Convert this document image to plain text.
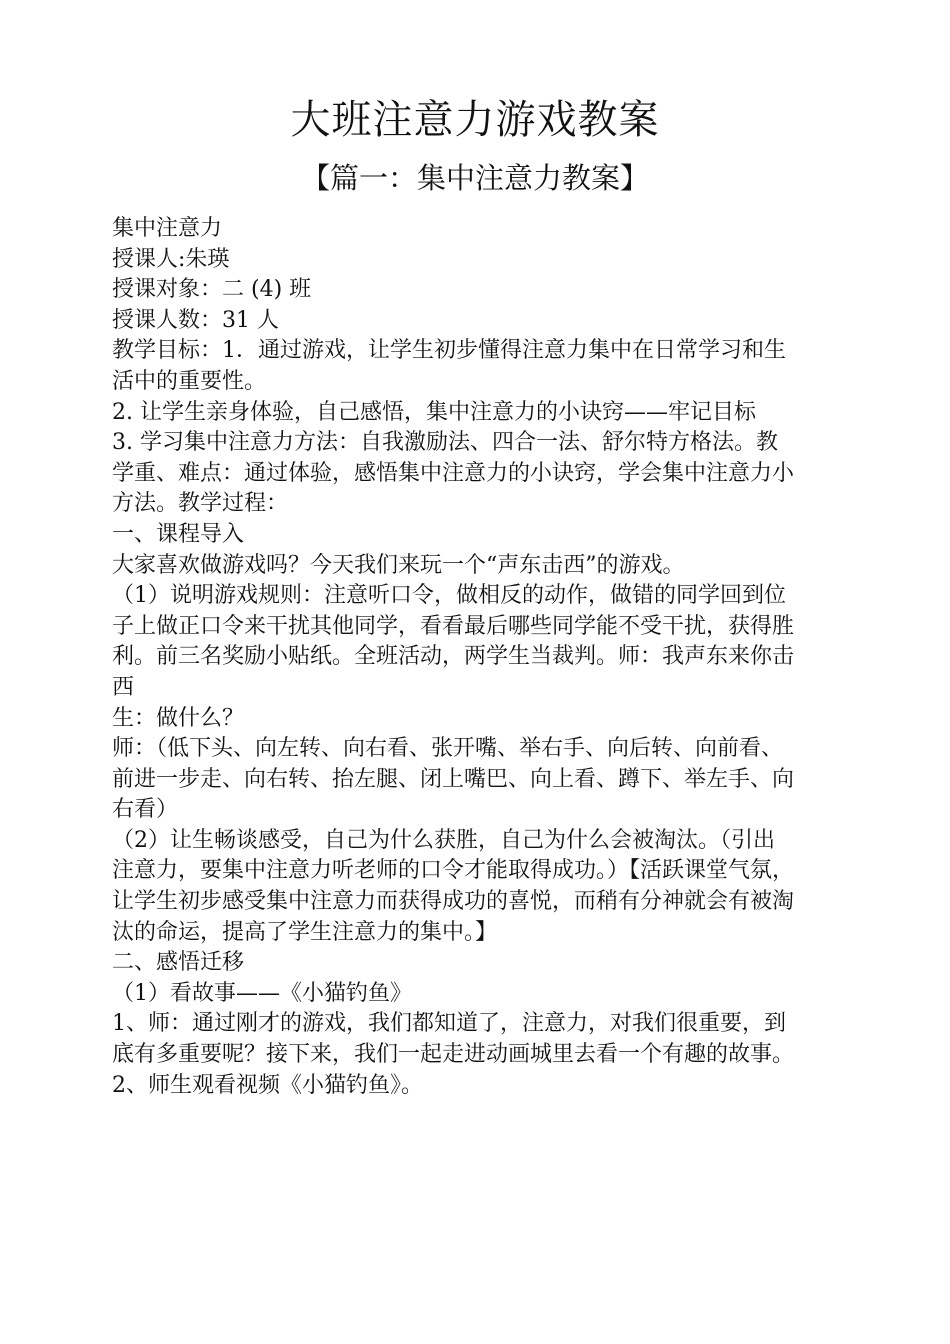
大班注意力游戏教案
【篇一：集中注意力教案】
集中注意力
授课人:朱瑛
授课对象：二 (4) 班
授课人数：31 人
教学目标：1．通过游戏，让学生初步懂得注意力集中在日常学习和生
活中的重要性。
2. 让学生亲身体验，自己感悟，集中注意力的小诀窍——牢记目标
3. 学习集中注意力方法：自我激励法、四合一法、舒尔特方格法。教
学重、难点：通过体验，感悟集中注意力的小诀窍，学会集中注意力小
方法。教学过程：
一、课程导入
大家喜欢做游戏吗？今天我们来玩一个“声东击西”的游戏。
（1）说明游戏规则：注意听口令，做相反的动作，做错的同学回到位
子上做正口令来干扰其他同学，看看最后哪些同学能不受干扰，获得胜
利。前三名奖励小贴纸。全班活动，两学生当裁判。师：我声东来你击
西
生：做什么？
师：（低下头、向左转、向右看、张开嘴、举右手、向后转、向前看、
前进一步走、向右转、抬左腿、闭上嘴巴、向上看、蹲下、举左手、向
右看）
（2）让生畅谈感受，自己为什么获胜，自己为什么会被淘汰。（引出
注意力，要集中注意力听老师的口令才能取得成功。）【活跃课堂气氛，
让学生初步感受集中注意力而获得成功的喜悦，而稍有分神就会有被淘
汰的命运，提高了学生注意力的集中。】
二、感悟迁移
（1）看故事——《小猫钓鱼》
1、师：通过刚才的游戏，我们都知道了，注意力，对我们很重要，到
底有多重要呢？接下来，我们一起走进动画城里去看一个有趣的故事。
2、师生观看视频《小猫钓鱼》。
